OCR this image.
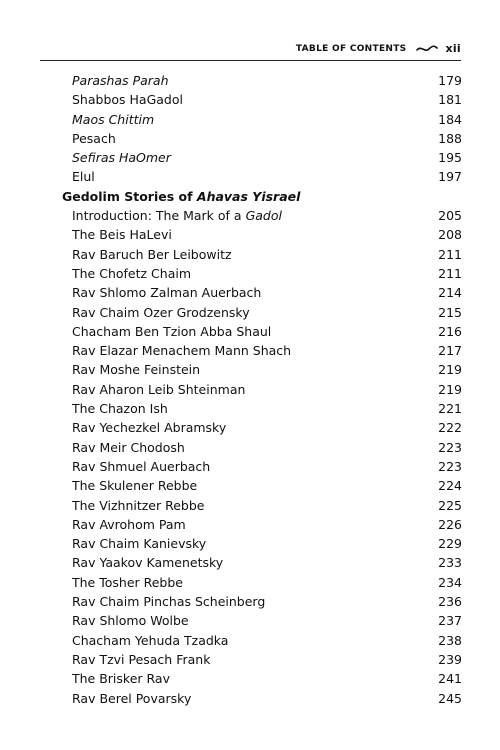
TABLE OF CONTENTS	xii
Parashas Parah	179
Shabbos HaGadol	181
Maos Chittim	184
Pesach	188
Sefiras HaOmer	195
Elul	197
Gedolim Stories of Ahavas Yisrael
Introduction: The Mark of a Gadol	205
The Beis HaLevi	208
Rav Baruch Ber Leibowitz	211
The Chofetz Chaim	211
Rav Shlomo Zalman Auerbach	214
Rav Chaim Ozer Grodzensky	215
Chacham Ben Tzion Abba Shaul	216
Rav Elazar Menachem Mann Shach	217
Rav Moshe Feinstein	219
Rav Aharon Leib Shteinman	219
The Chazon Ish	221
Rav Yechezkel Abramsky	222
Rav Meir Chodosh	223
Rav Shmuel Auerbach	223
The Skulener Rebbe	224
The Vizhnitzer Rebbe	225
Rav Avrohom Pam	226
Rav Chaim Kanievsky	229
Rav Yaakov Kamenetsky	233
The Tosher Rebbe	234
Rav Chaim Pinchas Scheinberg	236
Rav Shlomo Wolbe	237
Chacham Yehuda Tzadka	238
Rav Tzvi Pesach Frank	239
The Brisker Rav	241
Rav Berel Povarsky	245
